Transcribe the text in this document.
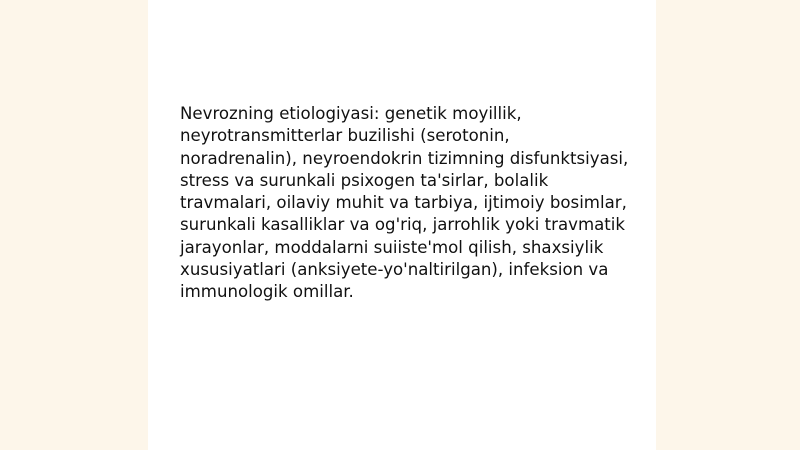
Nevrozning etiologiyasi: genetik moyillik, neyrotransmitterlar buzilishi (serotonin, noradrenalin), neyroendokrin tizimning disfunktsiyasi, stress va surunkali psixogen ta'sirlar, bolalik travmalari, oilaviy muhit va tarbiya, ijtimoiy bosimlar, surunkali kasalliklar va og'riq, jarrohlik yoki travmatik jarayonlar, moddalarni suiiste'mol qilish, shaxsiylik xususiyatlari (anksiyete-yo'naltirilgan), infeksion va immunologik omillar.
